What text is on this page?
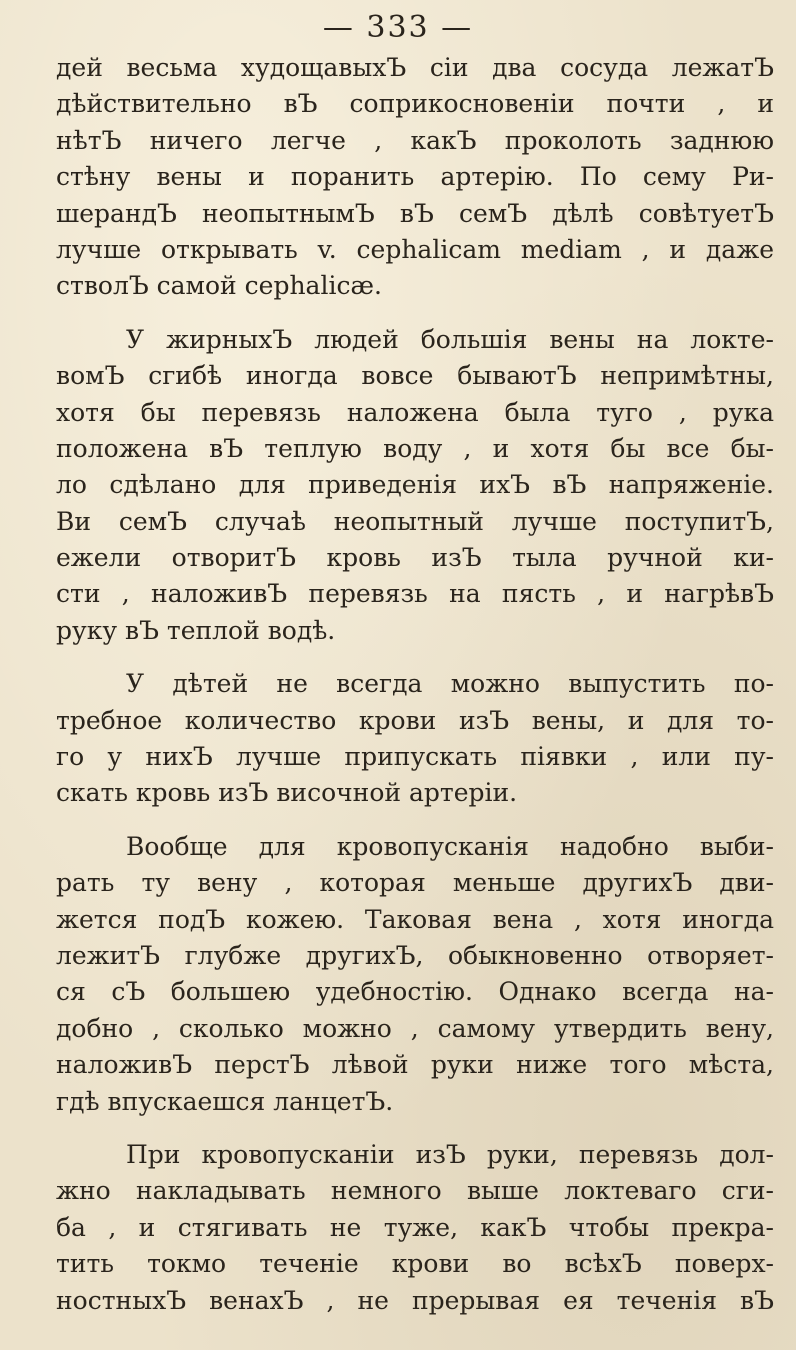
— 333 —
дей весьма худощавыхЪ сіи два сосуда лежатЪ
дѣйствительно вЪ соприкосновеніи почти , и
нѣтЪ ничего легче , какЪ проколоть заднюю
стѣну вены и поранить артерію. По сему Ри-
шерандЪ неопытнымЪ вЪ семЪ дѣлѣ совѣтуетЪ
лучше открывать v. cephalicam mediam , и даже
стволЪ самой cephalicæ.
У жирныхЪ людей большія вены на локте-
вомЪ сгибѣ иногда вовсе бываютЪ непримѣтны,
хотя бы перевязь наложена была туго , рука
положена вЪ теплую воду , и хотя бы все бы-
ло сдѣлано для приведенія ихЪ вЪ напряженіе.
Ви семЪ случаѣ неопытный лучше поступитЪ,
ежели отворитЪ кровь изЪ тыла ручной ки-
сти , наложивЪ перевязь на пясть , и нагрѣвЪ
руку вЪ теплой водѣ.
У дѣтей не всегда можно выпустить по-
требное количество крови изЪ вены, и для то-
го у нихЪ лучше припускать піявки , или пу-
скать кровь изЪ височной артеріи.
Вообще для кровопусканія надобно выби-
рать ту вену , которая меньше другихЪ дви-
жется подЪ кожею. Таковая вена , хотя иногда
лежитЪ глубже другихЪ, обыкновенно отворяет-
ся сЪ большею удебностію. Однако всегда на-
добно , сколько можно , самому утвердить вену,
наложивЪ перстЪ лѣвой руки ниже того мѣста,
гдѣ впускаешся ланцетЪ.
При кровопусканіи изЪ руки, перевязь дол-
жно накладывать немного выше локтеваго сги-
ба , и стягивать не туже, какЪ чтобы прекра-
тить токмо теченіе крови во всѣхЪ поверх-
ностныхЪ венахЪ , не прерывая ея теченія вЪ
